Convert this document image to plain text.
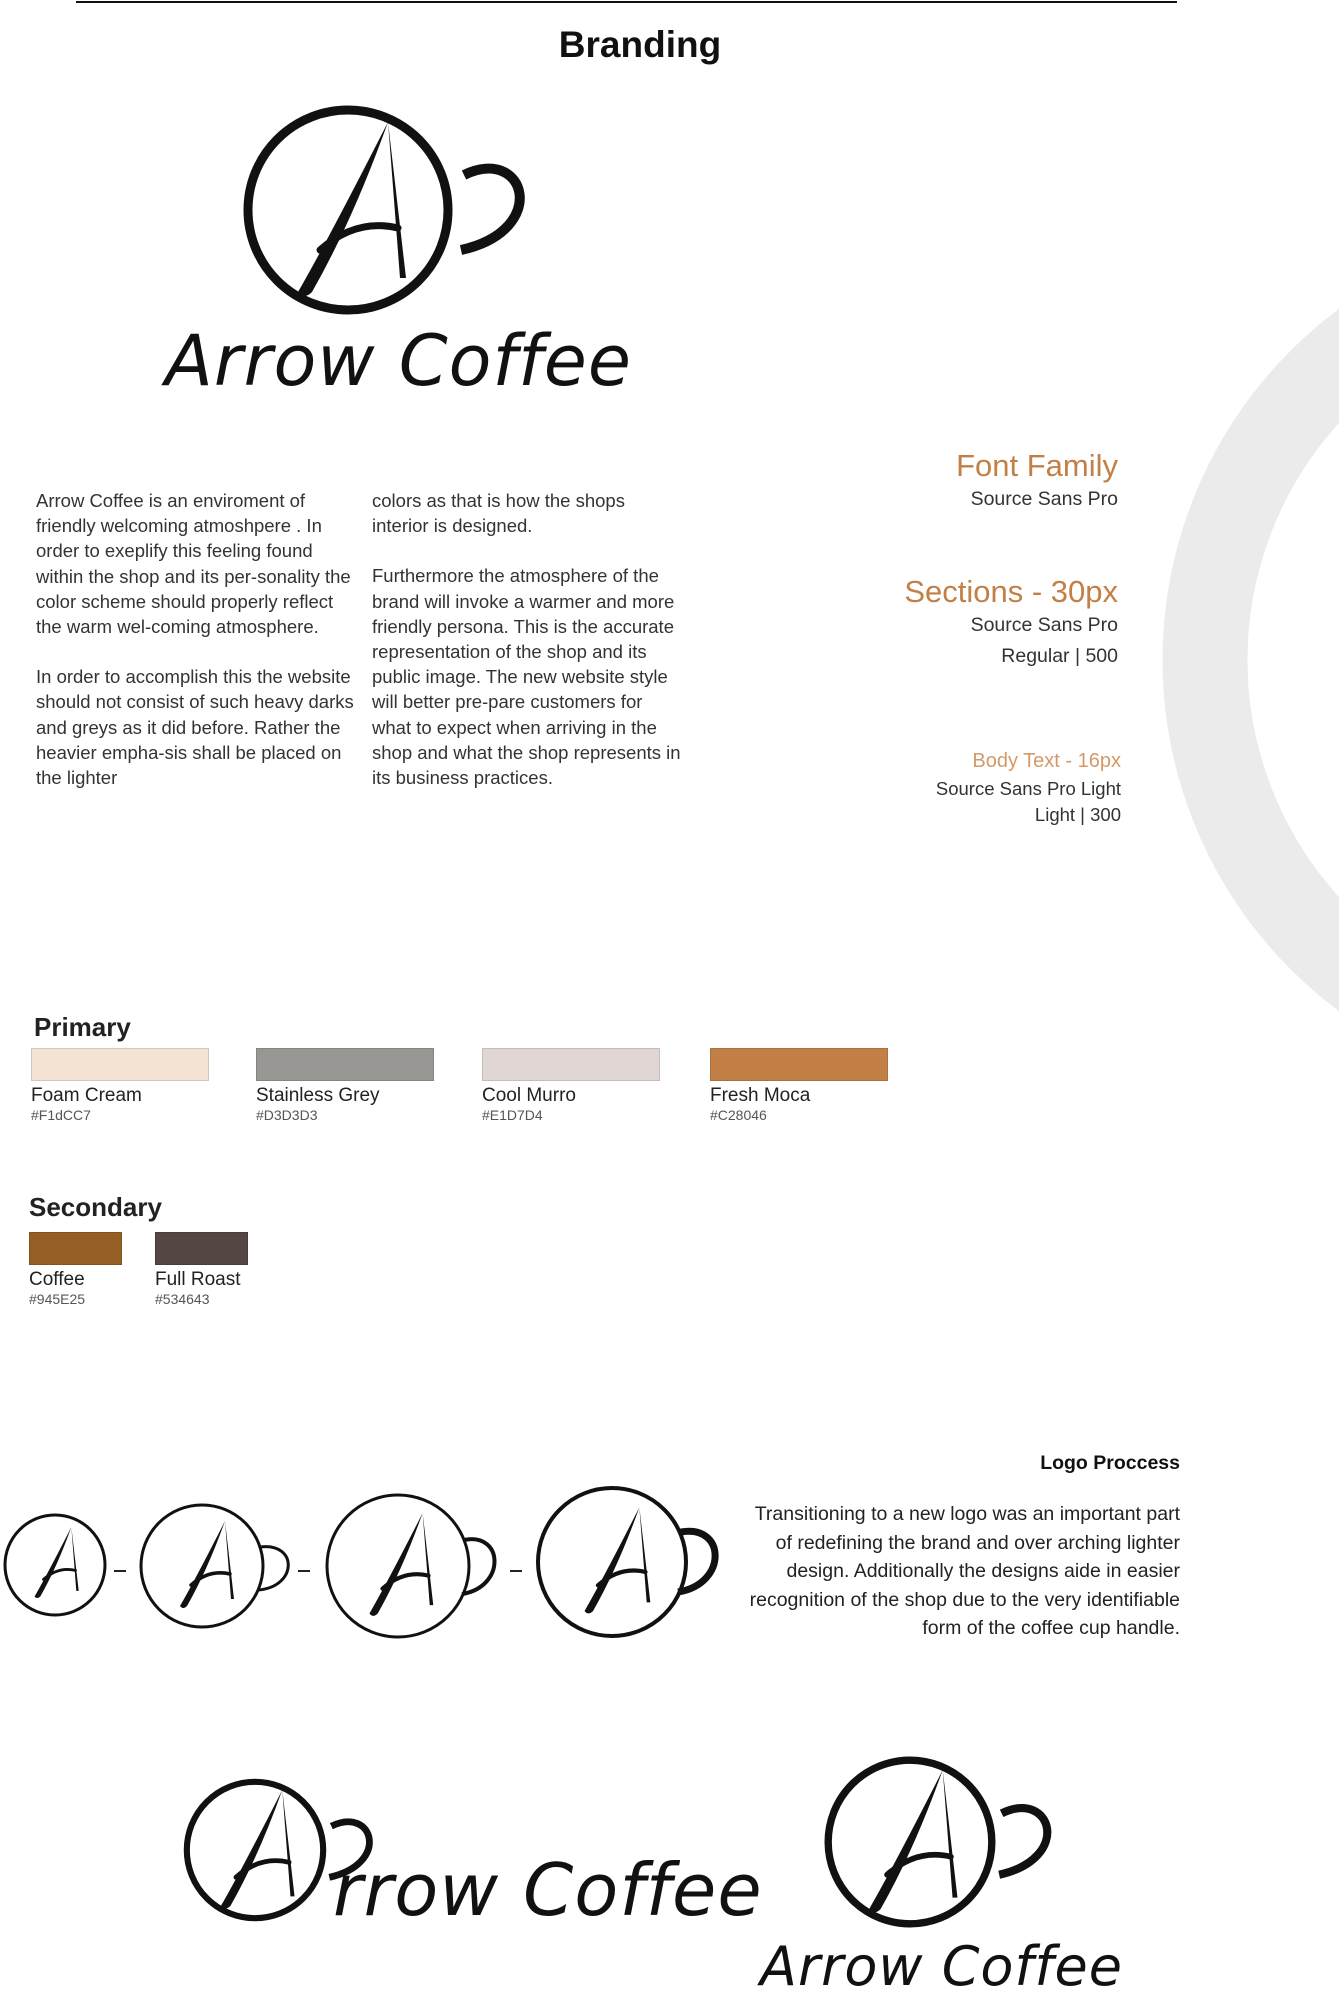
Branding
Arrow Coffee

Arrow Coffee is an enviroment of friendly welcoming atmoshpere . In order to exeplify this feeling found within the shop and its per-sonality the color scheme should properly reflect the warm wel-coming atmosphere.

In order to accomplish this the website should not consist of such heavy darks and greys as it did before. Rather the heavier empha-sis shall be placed on the lighter

colors as that is how the shops interior is designed.

Furthermore the atmosphere of the brand will invoke a warmer and more friendly persona. This is the accurate representation of the shop and its public image. The new website style will better pre-pare customers for what to expect when arriving in the shop and what the shop represents in its business practices.

Font Family
Source Sans Pro
Sections - 30px
Source Sans Pro
Regular | 500
Body Text - 16px
Source Sans Pro Light
Light | 300
Primary
Foam Cream
#F1dCC7
Stainless Grey
#D3D3D3
Cool Murro
#E1D7D4
Fresh Moca
#C28046
Secondary
Coffee
#945E25
Full Roast
#534643
Logo Proccess
Transitioning to a new logo was an important part of redefining the brand and over arching lighter design. Additionally the designs aide in easier recognition of the shop due to the very identifiable form of the coffee cup handle.
rrow Coffee
Arrow Coffee
